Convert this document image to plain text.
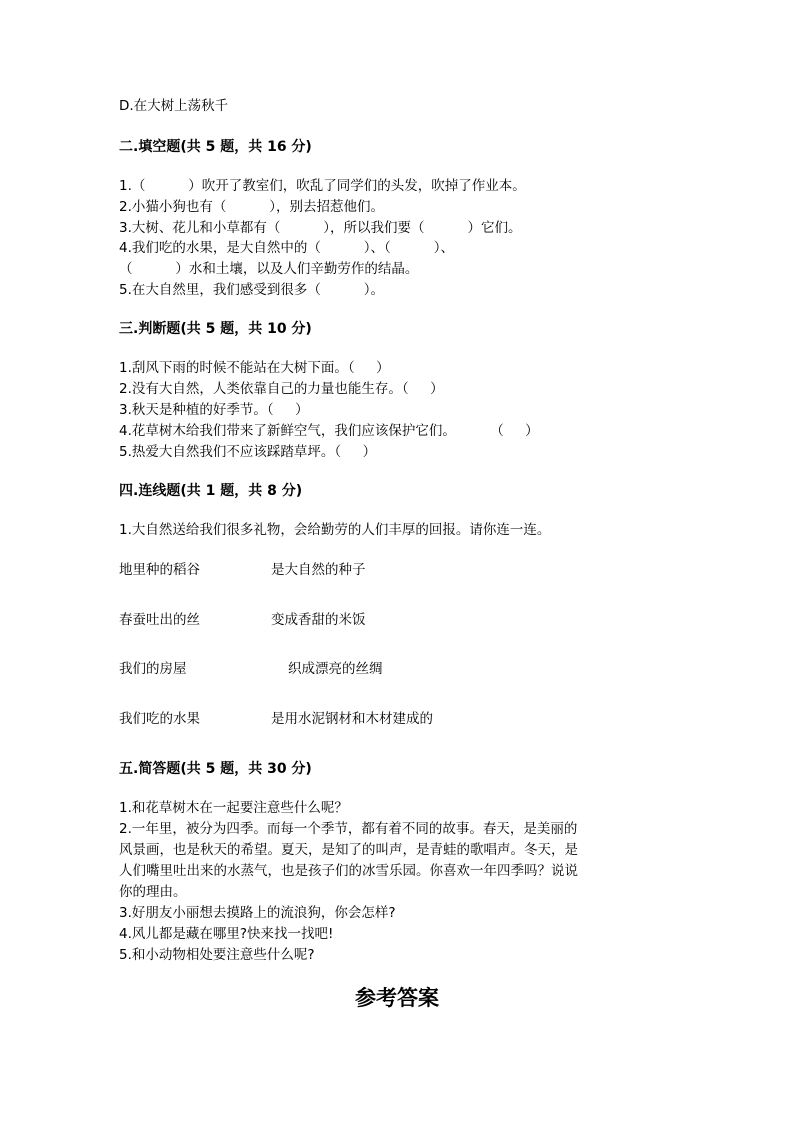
D.在大树上荡秋千
二.填空题(共 5 题，共 16 分)
1.（          ）吹开了教室们，吹乱了同学们的头发，吹掉了作业本。
2.小猫小狗也有（          ），别去招惹他们。
3.大树、花儿和小草都有（          ），所以我们要（          ）它们。
4.我们吃的水果，是大自然中的（          ）、（          ）、
（          ）水和土壤，以及人们辛勤劳作的结晶。
5.在大自然里，我们感受到很多（          ）。
三.判断题(共 5 题，共 10 分)
1.刮风下雨的时候不能站在大树下面。（     ）
2.没有大自然，人类依靠自己的力量也能生存。（     ）
3.秋天是种植的好季节。（     ）
4.花草树木给我们带来了新鲜空气，我们应该保护它们。        （     ）
5.热爱大自然我们不应该踩踏草坪。（     ）
四.连线题(共 1 题，共 8 分)
1.大自然送给我们很多礼物，会给勤劳的人们丰厚的回报。请你连一连。
地里种的稻谷	是大自然的种子
春蚕吐出的丝	变成香甜的米饭
我们的房屋	织成漂亮的丝绸
我们吃的水果	是用水泥钢材和木材建成的
五.简答题(共 5 题，共 30 分)
1.和花草树木在一起要注意些什么呢？
2.一年里，被分为四季。而每一个季节，都有着不同的故事。春天，是美丽的
风景画，也是秋天的希望。夏天，是知了的叫声，是青蛙的歌唱声。冬天，是
人们嘴里吐出来的水蒸气，也是孩子们的冰雪乐园。你喜欢一年四季吗？说说
你的理由。
3.好朋友小丽想去摸路上的流浪狗，你会怎样?
4.风儿都是藏在哪里?快来找一找吧!
5.和小动物相处要注意些什么呢?
参考答案
